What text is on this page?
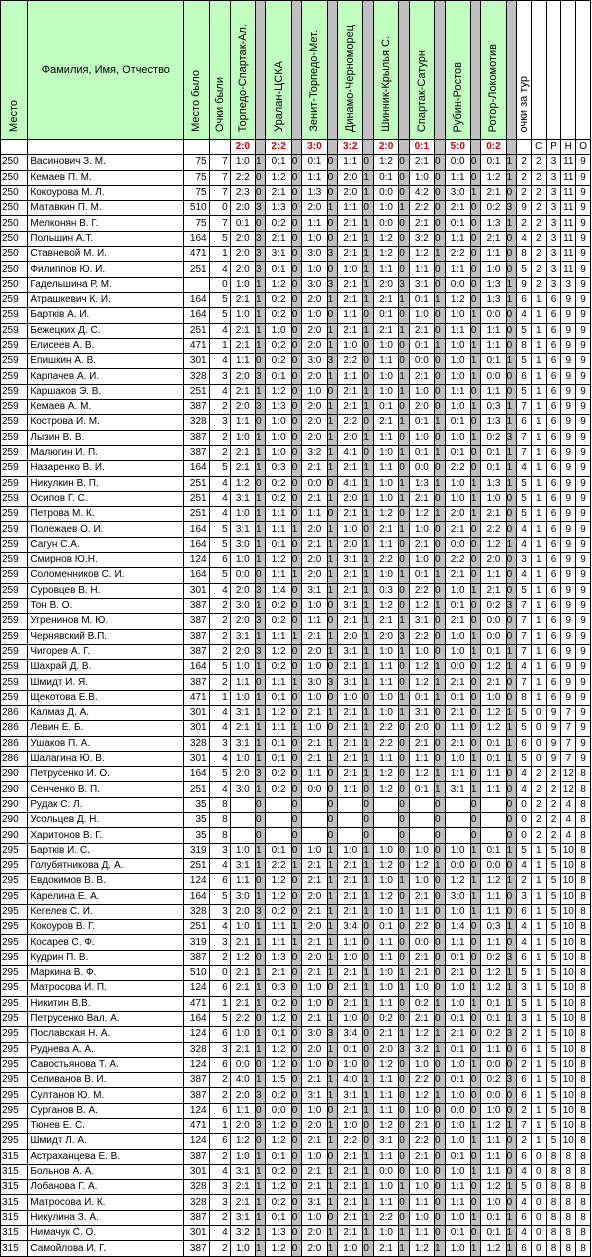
Место	Фамилия, Имя, Отчество	Место было	Очки были	Торпедо-Спартак-Ал.		Уралан-ЦСКА		Зенит-Торпедо-Мет.		Динамо-Черноморец		Шинник-Крылья С.		Спартак-Сатурн		Рубин-Ростов		Ротор-Локомотив		очки за тур				
				2:0		2:2		3:0		3:2		2:0		0:1		5:0		0:2			С	Р	Н	О
250	Васинович З. М.	75	7	1:0	1	0:1	0	0:1	0	1:1	0	1:2	0	2:1	0	0:0	0	0:1	1	2	2	3	11	9
250	Кемаев П. М.	75	7	2:2	0	1:2	0	1:1	0	2:0	1	0:1	0	1:0	0	1:1	0	1:2	1	2	2	3	11	9
250	Кокоурова М. Л.	75	7	2:3	0	2:1	0	1:3	0	2:0	1	0:0	0	4:2	0	3:0	1	2:1	0	2	2	3	11	9
250	Матавкин П. М.	510	0	2:0	3	1:3	0	2:0	1	1:1	0	1:0	1	2:2	0	2:1	0	0:2	3	9	2	3	11	9
250	Мелконян В. Г.	75	7	0:1	0	0:2	0	1:1	0	2:1	1	0:0	0	2:1	0	0:1	0	1:3	1	2	2	3	11	9
250	Польшин А.Т.	164	5	2:0	3	2:1	0	1:0	0	2:1	1	1:2	0	3:2	0	1:1	0	2:1	0	4	2	3	11	9
250	Ставневой М. И.	471	1	2:0	3	3:1	0	3:0	3	2:1	1	1:2	0	1:2	1	2:2	0	1:1	0	8	2	3	11	9
250	Филиппов Ю. И.	251	4	2:0	3	0:1	0	1:0	0	1:0	1	1:1	0	1:1	0	1:1	0	1:0	0	5	2	3	11	9
250	Гадельшина Р. М.		0	1:0	1	1:2	0	3:0	3	2:1	1	2:0	3	3:1	0	0:0	0	1:3	1	9	2	3	3	9
259	Атрашкевич К. И.	164	5	2:1	1	0:2	0	2:0	1	2:1	1	2:1	1	0:1	1	1:2	0	1:3	1	6	1	6	9	9
259	Бартків А. И.	164	5	1:0	1	0:2	0	1:0	0	1:1	0	0:1	0	1:0	0	1:0	1	0:0	0	4	1	6	9	9
259	Бежецких Д. С.	251	4	2:1	1	1:0	0	2:0	1	2:1	1	2:1	1	2:1	0	1:1	0	1:1	0	5	1	6	9	9
259	Елисеев А. В.	471	1	2:1	1	0:2	0	2:0	1	1:0	0	1:0	0	0:1	1	1:0	1	1:1	0	8	1	6	9	9
259	Епишкин А. В.	301	4	1:1	0	0:2	0	3:0	3	2:2	0	1:1	0	0:0	0	1:0	1	0:1	1	5	1	6	9	9
259	Карпачев А. И.	328	3	2:0	3	0:1	0	2:0	1	1:1	0	1:0	1	2:1	0	1:0	1	0:0	0	6	1	6	9	9
259	Каршаков Э. В.	251	4	2:1	1	1:2	0	1:0	0	2:1	1	1:0	1	1:0	0	1:1	0	1:1	0	5	1	6	9	9
259	Кемаев А. М.	387	2	2:0	3	1:3	0	2:0	1	2:1	1	0:1	0	2:0	0	1:0	1	0:3	1	7	1	6	9	9
259	Кострова И. М.	328	3	1:1	0	1:0	0	2:0	1	2:2	0	2:1	1	0:1	1	0:1	0	1:3	1	6	1	6	9	9
259	Лызин В. В.	387	2	1:0	1	1:0	0	2:0	1	2:0	1	1:1	0	1:0	0	1:0	1	0:2	3	7	1	6	9	9
259	Малюгин И. П.	387	2	2:1	1	1:0	0	3:2	1	4:1	0	1:0	1	0:1	1	0:1	0	0:1	1	7	1	6	9	9
259	Назаренко В. И.	164	5	2:1	1	0:3	0	2:1	1	2:1	1	1:1	0	0:0	0	2:2	0	0:1	1	4	1	6	9	9
259	Никулкин В. П.	251	4	1:2	0	0:2	0	0:0	0	4:1	1	1:0	1	1:3	1	1:0	1	1:3	1	5	1	6	9	9
259	Осипов Г. С.	251	4	3:1	1	0:2	0	2:1	1	2:0	1	1:0	1	2:1	0	1:0	1	1:0	0	5	1	6	9	9
259	Петрова М. К.	251	4	1:0	1	1:1	0	1:1	0	2:1	1	1:2	0	1:2	1	2:0	1	2:1	0	5	1	6	9	9
259	Полежаев О. И.	164	5	3:1	1	1:1	1	2:0	1	1:0	0	2:1	1	1:0	0	2:1	0	2:2	0	4	1	6	9	9
259	Сагун С.А.	164	5	3:0	1	0:1	0	2:1	1	2:0	1	1:1	0	2:1	0	0:0	0	1:2	1	4	1	6	9	9
259	Смирнов Ю.Н.	124	6	1:0	1	1:2	0	2:0	1	3:1	1	2:2	0	1:0	0	2:2	0	2:0	0	3	1	6	9	9
259	Соломенников С. И.	164	5	0:0	0	1:1	1	2:0	1	2:1	1	1:0	1	0:1	1	2:1	0	1:1	0	4	1	6	9	9
259	Суровцев В. Н.	301	4	2:0	3	1:4	0	3:1	1	2:1	1	0:3	0	2:2	0	1:0	1	2:1	0	5	1	6	9	9
259	Тон В. О.	387	2	3:0	1	0:2	0	1:0	0	3:1	1	1:2	0	1:2	1	0:1	0	0:2	3	7	1	6	9	9
259	Угренинов М. Ю.	387	2	2:0	3	0:2	0	1:1	0	2:1	1	2:1	1	3:1	0	2:1	0	0:0	0	7	1	6	9	9
259	Чернявский В.П.	387	2	3:1	1	1:1	1	2:1	1	2:0	1	2:0	3	2:2	0	1:0	1	0:0	0	7	1	6	9	9
259	Чигорев А. Г.	387	2	2:0	3	1:2	0	2:0	1	3:1	1	1:0	1	1:0	0	1:0	1	0:1	1	7	1	6	9	9
259	Шахрай Д. В.	164	5	1:0	1	0:2	0	1:0	0	2:1	1	1:1	0	1:2	1	0:0	0	1:2	1	4	1	6	9	9
259	Шмидт И. Я.	387	2	1:1	0	1:1	1	3:0	3	3:1	1	1:1	0	1:2	1	2:1	0	2:1	0	7	1	6	9	9
259	Щекотова Е.В.	471	1	1:0	1	0:1	0	1:0	0	1:0	0	1:0	1	0:1	1	0:1	0	1:0	0	8	1	6	9	9
286	Калмаз Д. А.	301	4	3:1	1	1:2	0	2:1	1	2:1	1	1:0	1	3:1	0	2:1	0	1:2	1	5	0	9	7	9
286	Левин Е. Б.	301	4	2:1	1	1:1	1	1:0	0	2:1	1	2:2	0	2:0	0	1:1	0	1:2	1	5	0	9	7	9
286	Ушаков П. А.	328	3	3:1	1	0:1	0	2:1	1	2:1	1	2:2	0	2:1	0	2:1	0	0:1	1	6	0	9	7	9
286	Шалагина Ю. В.	301	4	1:0	1	0:1	0	2:1	1	2:1	1	1:1	0	1:1	0	1:0	1	0:1	1	5	0	9	7	9
290	Петрусенко И. О.	164	5	2:0	3	0:2	0	1:1	0	2:1	1	1:2	0	1:2	1	1:1	0	1:1	0	4	2	2	12	8
290	Сенченко В. П.	251	4	3:0	1	0:2	0	0:0	0	1:1	0	1:2	0	0:1	1	3:1	1	1:1	0	4	2	2	12	8
290	Рудак С. Л.	35	8		0		0		0		0		0		0		0		0	0	2	2	4	8
290	Усольцев Д. Н.	35	8		0		0		0		0		0		0		0		0	0	2	2	4	8
290	Харитонов В. Г.	35	8		0		0		0		0		0		0		0		0	0	2	2	4	8
295	Бартків И. С.	319	3	1:0	1	0:1	0	1:0	1	1:0	1	1:0	0	1:0	0	1:0	1	0:1	1	5	1	5	10	8
295	Голубятникова Д. А.	251	4	3:1	1	2:2	1	2:1	1	2:1	1	1:2	0	1:2	1	0:0	0	0:0	0	4	1	5	10	8
295	Евдокимов В. В.	124	6	1:1	0	1:2	0	2:1	1	2:1	1	1:0	1	1:0	0	1:2	1	1:2	1	2	1	5	10	8
295	Карелина Е. А.	164	5	3:0	1	1:2	0	2:0	1	2:1	1	1:2	0	2:1	0	3:0	1	1:1	0	3	1	5	10	8
295	Кегелев С. И.	328	3	2:0	3	0:2	0	2:1	1	2:1	1	1:0	1	1:1	0	1:0	1	1:1	0	6	1	5	10	8
295	Кокоуров В. Г.	251	4	1:0	1	1:1	1	2:0	1	3:4	0	0:1	0	2:2	0	1:4	0	0:3	1	4	1	5	10	8
295	Косарев С. Ф.	319	3	2:1	1	1:1	1	2:1	1	1:1	0	1:1	0	0:0	0	1:1	0	1:1	0	4	1	5	10	8
295	Кудрин П. В.	387	2	1:2	0	1:3	0	2:0	1	1:0	0	1:1	0	2:1	0	0:1	0	0:2	3	6	1	5	10	8
295	Маркина В. Ф.	510	0	2:1	1	2:1	0	2:1	1	2:1	1	1:0	1	2:1	0	2:1	0	1:2	1	5	1	5	10	8
295	Матросова И. П.	124	6	2:1	1	0:3	0	1:0	0	2:1	1	1:0	1	1:0	0	1:0	1	1:2	1	3	1	5	10	8
295	Никитин В.В.	471	1	2:1	1	0:2	0	1:0	0	2:1	1	1:1	0	0:2	1	1:0	1	0:1	1	5	1	5	10	8
295	Петрусенко Вал. А.	164	5	2:2	0	1:2	0	2:1	1	1:0	0	0:2	0	2:1	0	0:1	0	0:1	1	3	1	5	10	8
295	Пославская Н. А.	124	6	1:0	1	0:1	0	3:0	3	3:4	0	2:1	1	1:2	1	2:1	0	0:2	3	2	1	5	10	8
295	Руднева А. А.	328	3	2:1	1	1:2	0	2:0	1	0:1	0	2:0	3	3:2	1	0:1	0	1:1	0	6	1	5	10	8
295	Савостьянова Т. А.	124	6	0:0	0	1:2	0	1:0	0	1:0	0	1:2	0	1:0	0	1:0	1	0:0	0	2	1	5	10	8
295	Селиванов В. И.	387	2	4:0	1	1:5	0	2:1	1	4:0	1	1:1	0	2:2	0	0:1	0	0:2	3	6	1	5	10	8
295	Султанов Ю. М.	387	2	2:0	3	0:2	0	3:1	1	3:1	1	1:1	0	1:2	1	1:0	0	0:0	0	6	1	5	10	8
295	Сурганов В. А.	124	6	1:1	0	0:0	0	1:0	0	2:1	1	1:1	0	1:0	0	0:0	0	1:0	0	2	1	5	10	8
295	Тюнев Е. С.	471	1	2:0	3	1:2	0	2:0	1	1:0	0	1:2	0	2:1	0	1:0	1	1:2	1	7	1	5	10	8
295	Шмидт Л. А.	124	6	1:2	0	1:2	0	2:1	1	2:2	0	3:1	0	2:2	0	1:0	1	1:1	0	2	1	5	10	8
315	Астраханцева Е. В.	387	2	1:0	1	0:1	0	1:0	0	2:1	1	1:1	0	2:1	0	0:1	0	1:1	0	6	0	8	8	8
315	Больнов А. А.	301	4	3:1	1	0:2	0	2:1	1	2:1	1	0:0	0	1:0	0	1:0	1	1:1	0	4	0	8	8	8
315	Лобанова Г. А.	328	3	2:1	1	1:2	0	2:1	1	2:1	1	1:0	1	1:0	0	1:1	0	1:2	1	5	0	8	8	8
315	Матросова И. К.	328	3	2:1	1	0:2	0	3:1	1	2:1	1	1:1	0	1:1	0	1:1	0	1:0	0	4	0	8	8	8
315	Никулина З. А.	387	2	3:1	1	0:1	0	1:0	0	2:1	1	2:2	0	1:0	0	1:0	1	0:1	1	6	0	8	8	8
315	Нимачук С. О.	301	4	3:2	1	1:3	0	2:0	1	2:1	1	1:0	1	1:1	0	0:1	0	0:1	1	4	0	8	8	8
315	Самойлова И. Г.	387	2	1:0	1	1:2	0	2:0	1	1:0	0	2:1	1	1:2	1	1:0	1	1:2	1	6	0	8	8	8
